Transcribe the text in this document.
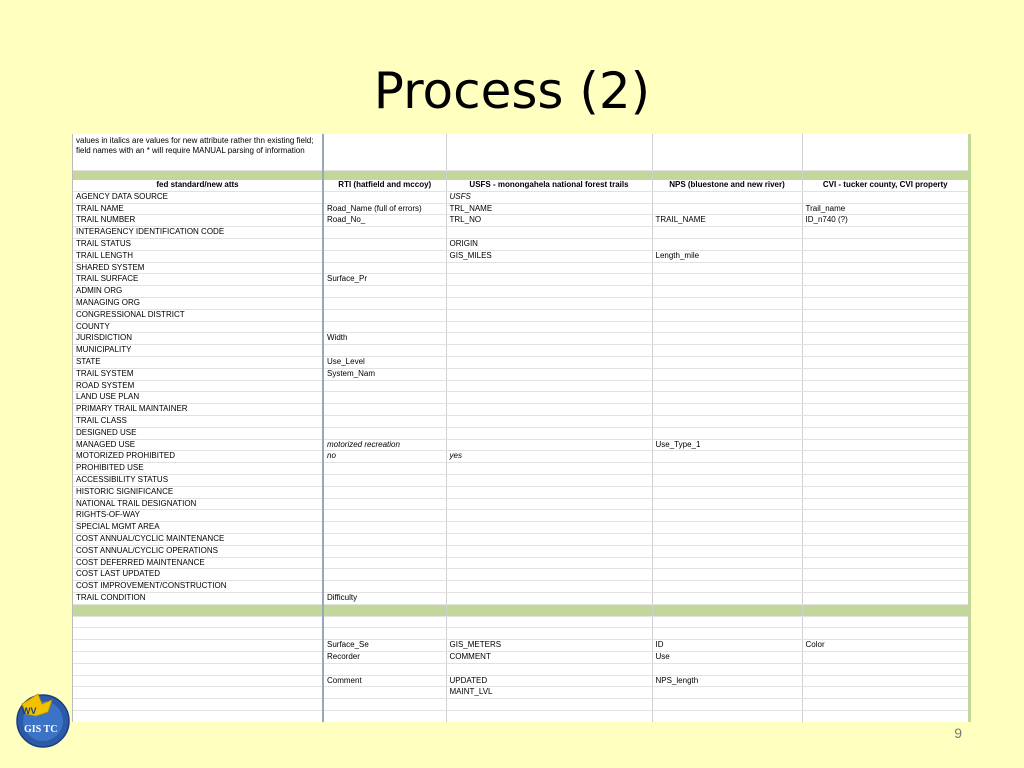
Process (2)
values in italics are values for new attribute rather thn existing field; field names with an * will require MANUAL parsing of information				

fed standard/new atts	RTI (hatfield and mccoy)	USFS - monongahela national forest trails	NPS (bluestone and new river)	CVI - tucker county, CVI property
AGENCY DATA SOURCE		USFS		
TRAIL NAME	Road_Name (full of errors)	TRL_NAME		Trail_name
TRAIL NUMBER	Road_No_	TRL_NO	TRAIL_NAME	ID_n740 (?)
INTERAGENCY IDENTIFICATION CODE				
TRAIL STATUS		ORIGIN		
TRAIL LENGTH		GIS_MILES	Length_mile	
SHARED SYSTEM				
TRAIL SURFACE	Surface_Pr			
ADMIN ORG				
MANAGING ORG				
CONGRESSIONAL DISTRICT				
COUNTY				
JURISDICTION	Width			
MUNICIPALITY				
STATE	Use_Level			
TRAIL SYSTEM	System_Nam			
ROAD SYSTEM				
LAND USE PLAN				
PRIMARY TRAIL MAINTAINER				
TRAIL CLASS				
DESIGNED USE				
MANAGED USE	motorized recreation		Use_Type_1	
MOTORIZED PROHIBITED	no	yes		
PROHIBITED USE				
ACCESSIBILITY STATUS				
HISTORIC SIGNIFICANCE				
NATIONAL TRAIL DESIGNATION				
RIGHTS-OF-WAY				
SPECIAL MGMT AREA				
COST ANNUAL/CYCLIC MAINTENANCE				
COST ANNUAL/CYCLIC OPERATIONS				
COST DEFERRED MAINTENANCE				
COST LAST UPDATED				
COST IMPROVEMENT/CONSTRUCTION				
TRAIL CONDITION	Difficulty			

	Surface_Se	GIS_METERS	ID	Color
	Recorder	COMMENT	Use	

	Comment	UPDATED	NPS_length	
		MAINT_LVL		

WV
GIS TC	9
